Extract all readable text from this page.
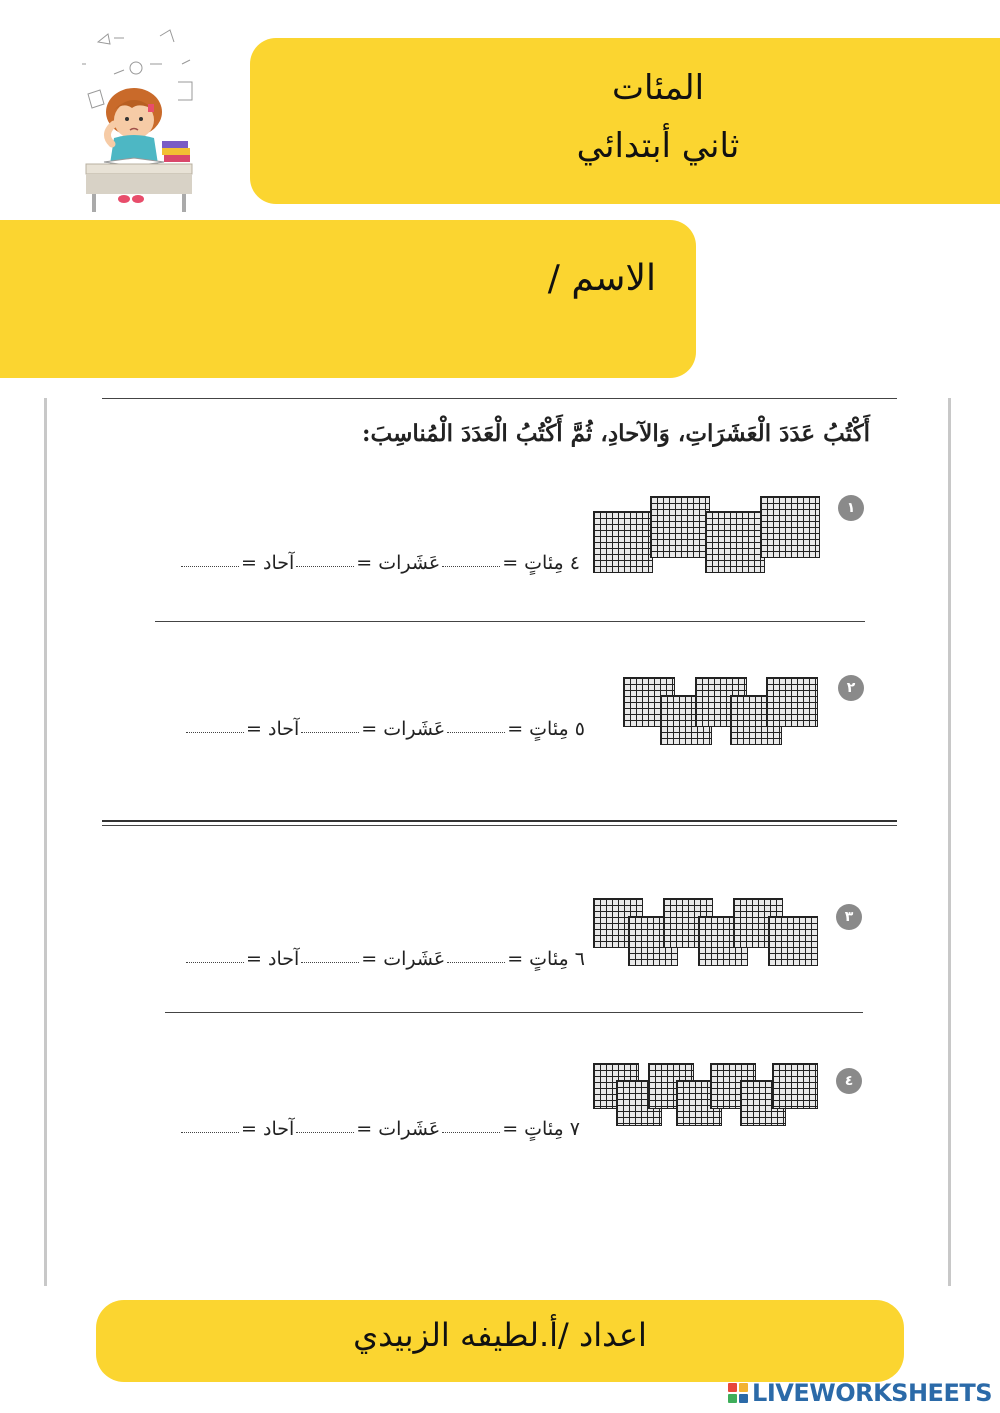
المئات
ثاني أبتدائي
الاسم /
أَكْتُبُ عَدَدَ الْعَشَرَاتِ، وَالآحادِ، ثُمَّ أَكْتُبُ الْعَدَدَ الْمُناسِبَ:
١
٤ مِئاتٍ =عَشَرات =آحاد =
٢
٥ مِئاتٍ =عَشَرات =آحاد =
٣
٦ مِئاتٍ =عَشَرات =آحاد =
٤
٧ مِئاتٍ =عَشَرات =آحاد =
اعداد /أ.لطيفه الزبيدي
LIVEWORKSHEETS
